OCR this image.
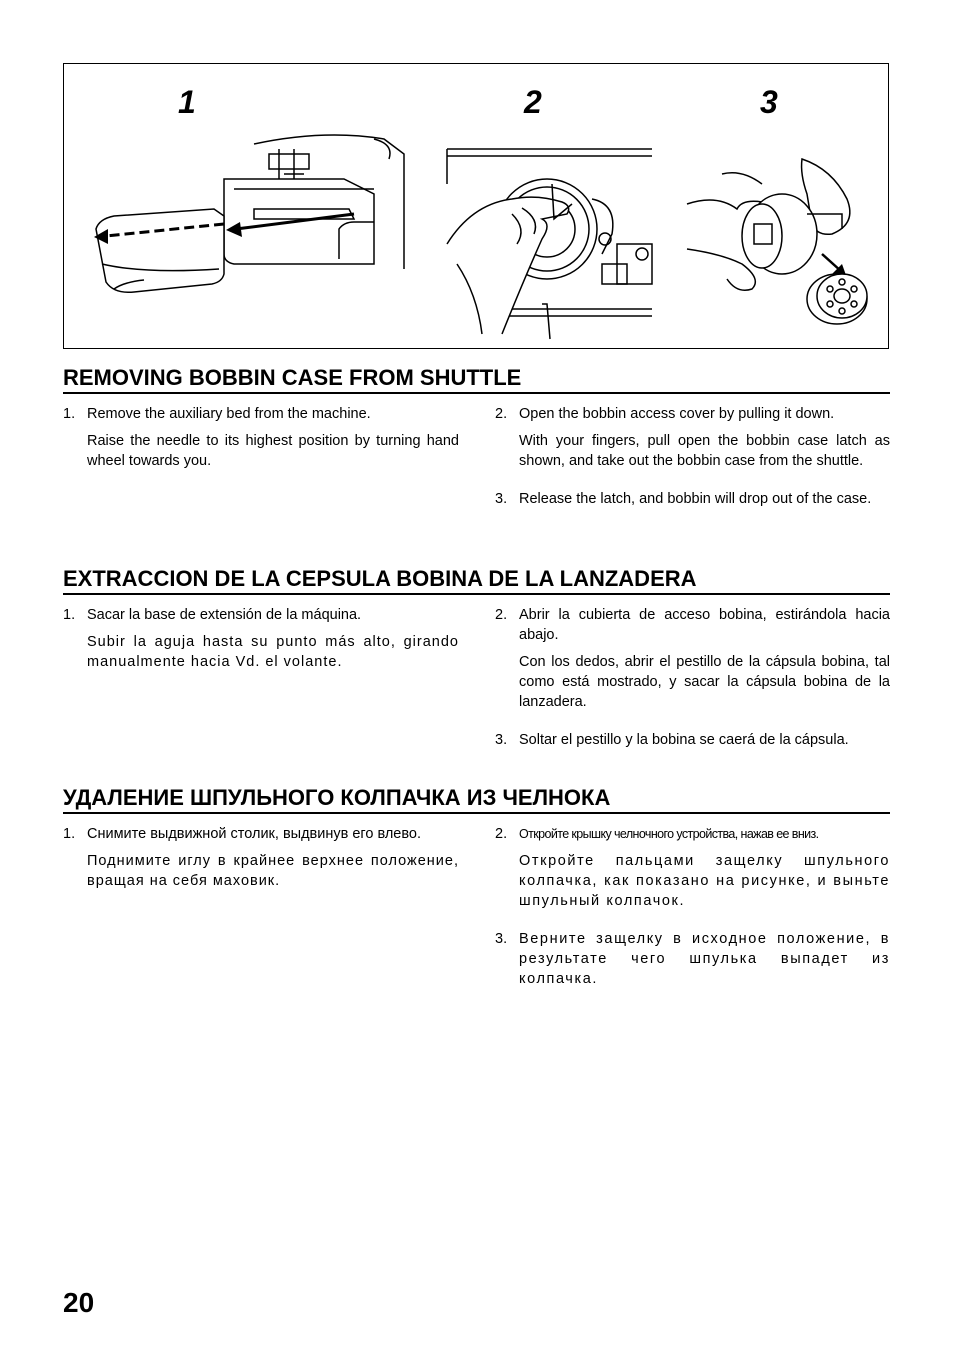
1	2	3
REMOVING BOBBIN CASE FROM SHUTTLE
1. Remove the auxiliary bed from the machine.

Raise the needle to its highest position by turning hand wheel towards you.

2. Open the bobbin access cover by pulling it down.

With your fingers, pull open the bobbin case latch as shown, and take out the bobbin case from the shuttle.

3. Release the latch, and bobbin will drop out of the case.

EXTRACCION DE LA CEPSULA BOBINA DE LA LANZADERA
1. Sacar la base de extensión de la máquina.

Subir la aguja hasta su punto más alto, girando manualmente hacia Vd. el volante.

2. Abrir la cubierta de acceso bobina, estirándola hacia abajo.

Con los dedos, abrir el pestillo de la cápsula bobina, tal como está mostrado, y sacar la cápsula bobina de la lanzadera.

3. Soltar el pestillo y la bobina se caerá de la cápsula.

УДАЛЕНИЕ ШПУЛЬНОГО КОЛПАЧКА ИЗ ЧЕЛНОКА
1. Снимите выдвижной столик, выдвинув его влево.

Поднимите иглу в крайнее верхнее положение, вращая на себя маховик.

2. Откройте крышку челночного устройства, нажав ее вниз.

Откройте пальцами защелку шпульного колпачка, как показано на рисунке, и выньте шпульный колпачок.

3. Верните защелку в исходное положение, в результате чего шпулька выпадет из колпачка.

20
